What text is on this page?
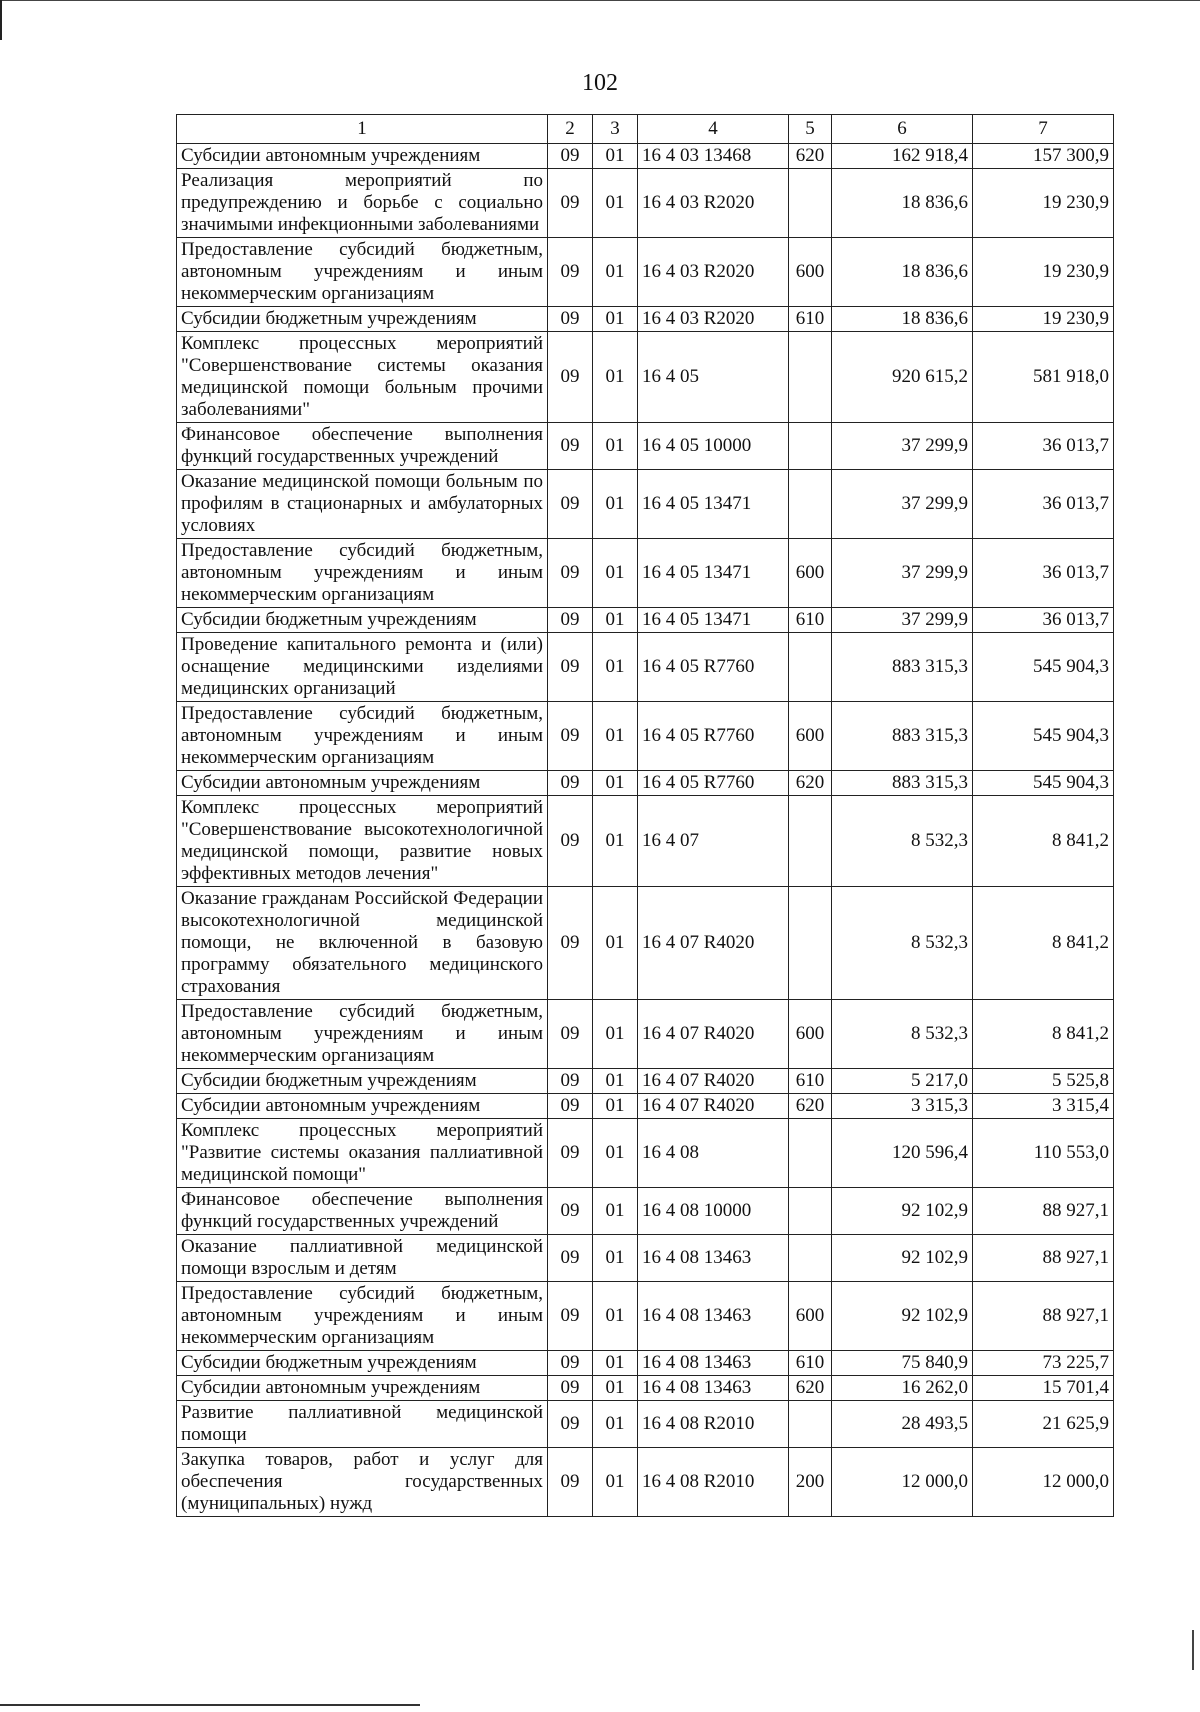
102
1	2	3	4	5	6	7
Субсидии автономным учреждениям	09	01	16 4 03 13468	620	162 918,4	157 300,9
Реализация мероприятий по предупреждению и борьбе с социально значимыми инфекционными заболеваниями	09	01	16 4 03 R2020		18 836,6	19 230,9
Предоставление субсидий бюджетным, автономным учреждениям и иным некоммерческим организациям	09	01	16 4 03 R2020	600	18 836,6	19 230,9
Субсидии бюджетным учреждениям	09	01	16 4 03 R2020	610	18 836,6	19 230,9
Комплекс процессных мероприятий "Совершенствование системы оказания медицинской помощи больным прочими заболеваниями"	09	01	16 4 05		920 615,2	581 918,0
Финансовое обеспечение выполнения функций государственных учреждений	09	01	16 4 05 10000		37 299,9	36 013,7
Оказание медицинской помощи больным по профилям в стационарных и амбулаторных условиях	09	01	16 4 05 13471		37 299,9	36 013,7
Предоставление субсидий бюджетным, автономным учреждениям и иным некоммерческим организациям	09	01	16 4 05 13471	600	37 299,9	36 013,7
Субсидии бюджетным учреждениям	09	01	16 4 05 13471	610	37 299,9	36 013,7
Проведение капитального ремонта и (или) оснащение медицинскими изделиями медицинских организаций	09	01	16 4 05 R7760		883 315,3	545 904,3
Предоставление субсидий бюджетным, автономным учреждениям и иным некоммерческим организациям	09	01	16 4 05 R7760	600	883 315,3	545 904,3
Субсидии автономным учреждениям	09	01	16 4 05 R7760	620	883 315,3	545 904,3
Комплекс процессных мероприятий "Совершенствование высокотехнологичной медицинской помощи, развитие новых эффективных методов лечения"	09	01	16 4 07		8 532,3	8 841,2
Оказание гражданам Российской Федерации высокотехнологичной медицинской помощи, не включенной в базовую программу обязательного медицинского страхования	09	01	16 4 07 R4020		8 532,3	8 841,2
Предоставление субсидий бюджетным, автономным учреждениям и иным некоммерческим организациям	09	01	16 4 07 R4020	600	8 532,3	8 841,2
Субсидии бюджетным учреждениям	09	01	16 4 07 R4020	610	5 217,0	5 525,8
Субсидии автономным учреждениям	09	01	16 4 07 R4020	620	3 315,3	3 315,4
Комплекс процессных мероприятий "Развитие системы оказания паллиативной медицинской помощи"	09	01	16 4 08		120 596,4	110 553,0
Финансовое обеспечение выполнения функций государственных учреждений	09	01	16 4 08 10000		92 102,9	88 927,1
Оказание паллиативной медицинской помощи взрослым и детям	09	01	16 4 08 13463		92 102,9	88 927,1
Предоставление субсидий бюджетным, автономным учреждениям и иным некоммерческим организациям	09	01	16 4 08 13463	600	92 102,9	88 927,1
Субсидии бюджетным учреждениям	09	01	16 4 08 13463	610	75 840,9	73 225,7
Субсидии автономным учреждениям	09	01	16 4 08 13463	620	16 262,0	15 701,4
Развитие паллиативной медицинской помощи	09	01	16 4 08 R2010		28 493,5	21 625,9
Закупка товаров, работ и услуг для обеспечения государственных (муниципальных) нужд	09	01	16 4 08 R2010	200	12 000,0	12 000,0
